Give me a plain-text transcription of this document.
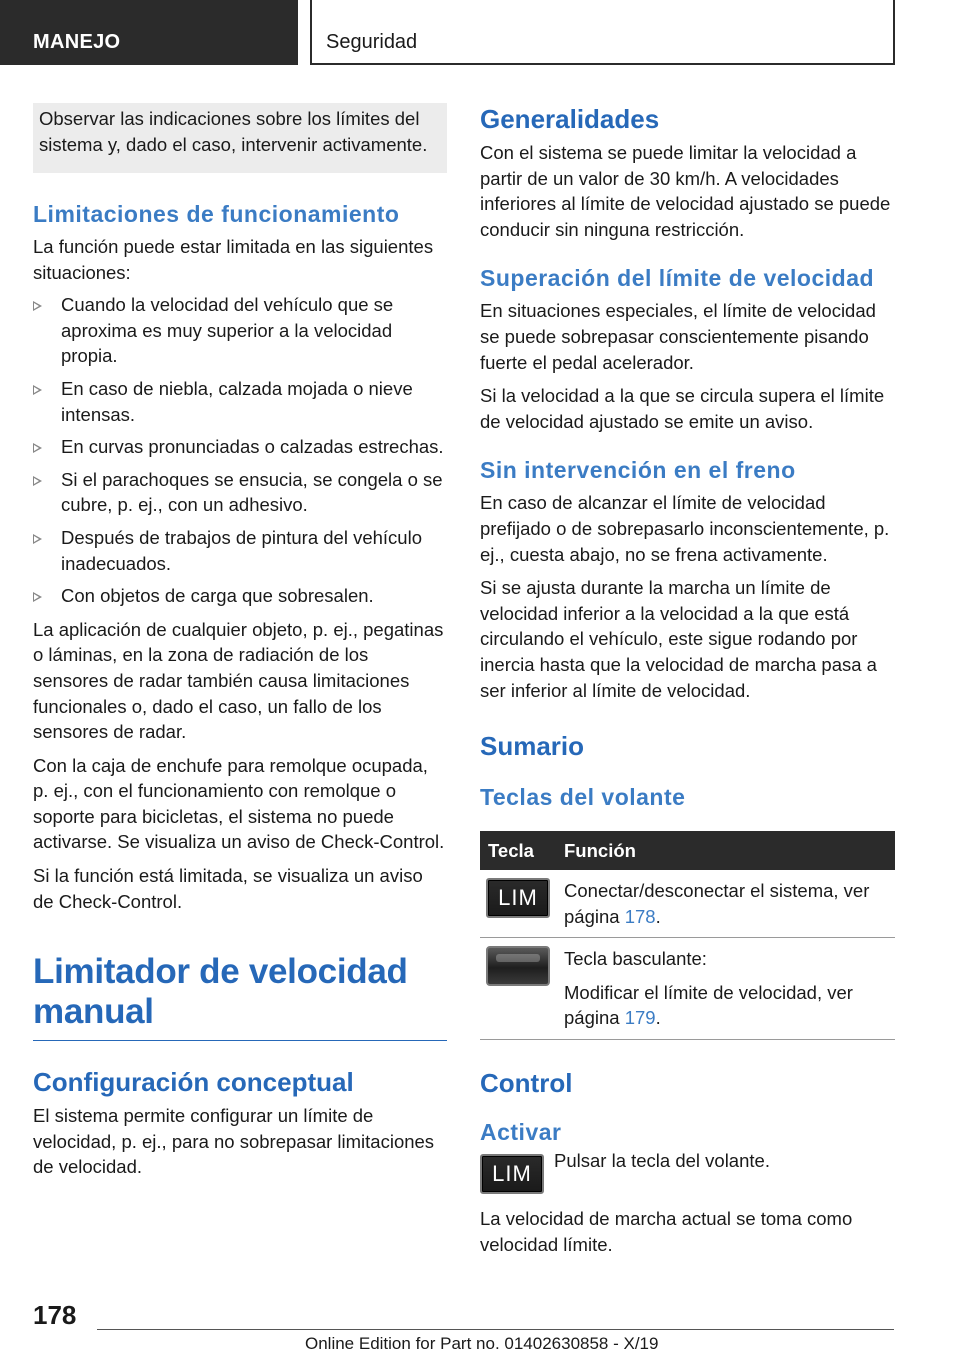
MANEJO	Seguridad

Observar las indicaciones sobre los límites del sistema y, dado el caso, intervenir activamente.

Limitaciones de funcionamiento

La función puede estar limitada en las siguientes situaciones:

Cuando la velocidad del vehículo que se aproxima es muy superior a la velocidad propia.
En caso de niebla, calzada mojada o nieve intensas.
En curvas pronunciadas o calzadas estrechas.
Si el parachoques se ensucia, se congela o se cubre, p. ej., con un adhesivo.
Después de trabajos de pintura del vehículo inadecuados.
Con objetos de carga que sobresalen.

La aplicación de cualquier objeto, p. ej., pegatinas o láminas, en la zona de radiación de los sensores de radar también causa limitaciones funcionales o, dado el caso, un fallo de los sensores de radar.

Con la caja de enchufe para remolque ocupada, p. ej., con el funcionamiento con remolque o soporte para bicicletas, el sistema no puede activarse. Se visualiza un aviso de Check-Control.

Si la función está limitada, se visualiza un aviso de Check-Control.

Limitador de velocidad
manual
Configuración conceptual

El sistema permite configurar un límite de velocidad, p. ej., para no sobrepasar limitaciones de velocidad.

Generalidades

Con el sistema se puede limitar la velocidad a partir de un valor de 30 km/h. A velocidades inferiores al límite de velocidad ajustado se puede conducir sin ninguna restricción.

Superación del límite de velocidad

En situaciones especiales, el límite de velocidad se puede sobrepasar conscientemente pisando fuerte el pedal acelerador.

Si la velocidad a la que se circula supera el límite de velocidad ajustado se emite un aviso.

Sin intervención en el freno

En caso de alcanzar el límite de velocidad prefijado o de sobrepasarlo inconscientemente, p. ej., cuesta abajo, no se frena activamente.

Si se ajusta durante la marcha un límite de velocidad inferior a la velocidad a la que está circulando el vehículo, este sigue rodando por inercia hasta que la velocidad de marcha pasa a ser inferior al límite de velocidad.

Sumario
Teclas del volante
Tecla	Función

LIM	Conectar/desconectar el sistema, ver página 178.

	Tecla basculante:

Modificar el límite de velocidad, ver página 179.

Control
Activar
LIM

Pulsar la tecla del volante.

La velocidad de marcha actual se toma como velocidad límite.

178
Online Edition for Part no. 01402630858 - X/19
